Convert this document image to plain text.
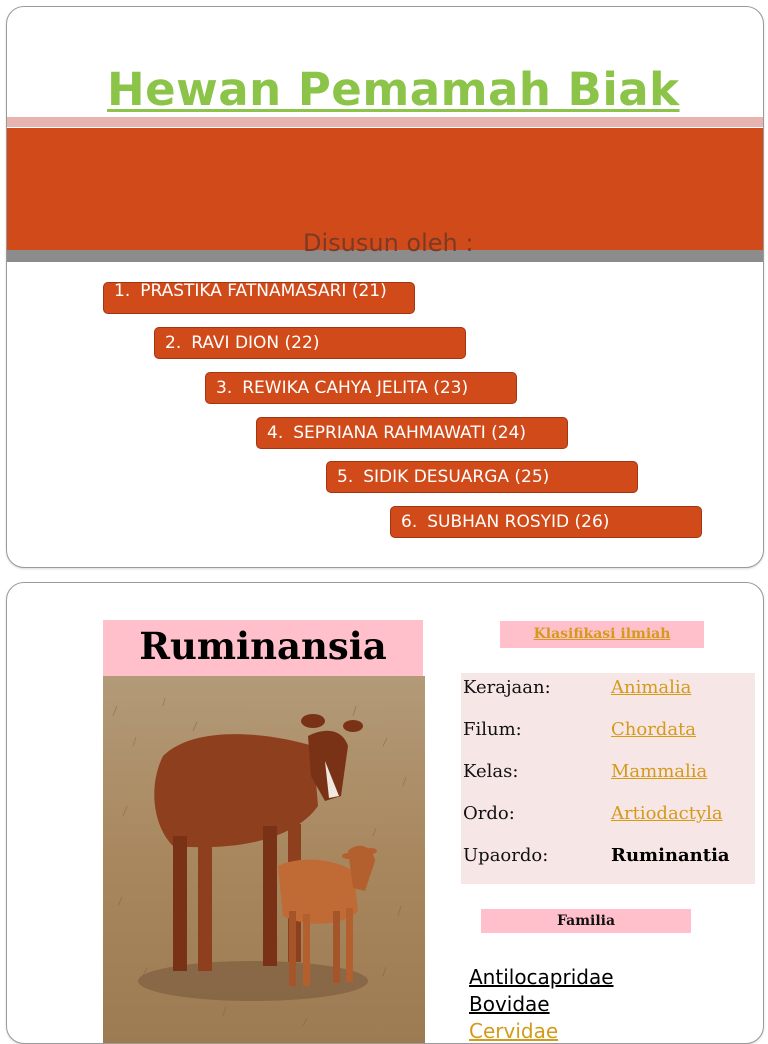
Hewan Pemamah Biak
Disusun oleh :
1. PRASTIKA FATNAMASARI (21)
2. RAVI DION (22)
3. REWIKA CAHYA JELITA (23)
4. SEPRIANA RAHMAWATI (24)
5. SIDIK DESUARGA (25)
6. SUBHAN ROSYID (26)
Ruminansia	Klasifikasi ilmiah
Kerajaan:	Animalia
Filum:	Chordata
Kelas:	Mammalia
Ordo:	Artiodactyla
Upaordo:	Ruminantia
Familia
Antilocapridae
Bovidae
Cervidae
